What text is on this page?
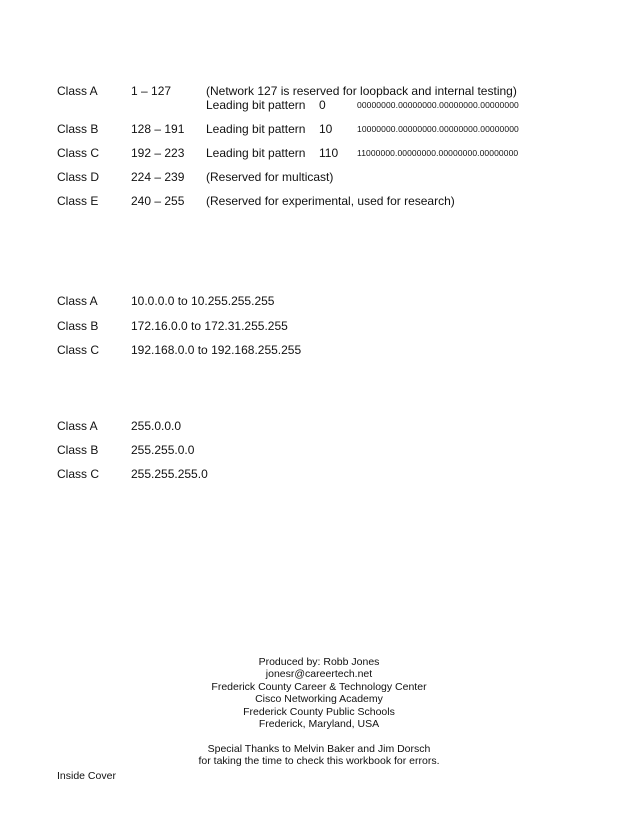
Class A	1 – 127	(Network 127 is reserved for loopback and internal testing)
Leading bit pattern 0	00000000.00000000.00000000.00000000
Class B	128 – 191 Leading bit pattern 10	10000000.00000000.00000000.00000000
Class C	192 – 223 Leading bit pattern 110 11000000.00000000.00000000.00000000
Class D	224 – 239 (Reserved for multicast)
Class E	240 – 255 (Reserved for experimental, used for research)
Class A	10.0.0.0 to 10.255.255.255
Class B	172.16.0.0 to 172.31.255.255
Class C	192.168.0.0 to 192.168.255.255
Class A	255.0.0.0
Class B	255.255.0.0
Class C	255.255.255.0
Produced by: Robb Jones
jonesr@careertech.net
Frederick County Career & Technology Center
Cisco Networking Academy
Frederick County Public Schools
Frederick, Maryland, USA
Special Thanks to Melvin Baker and Jim Dorsch
for taking the time to check this workbook for errors.
Inside Cover
